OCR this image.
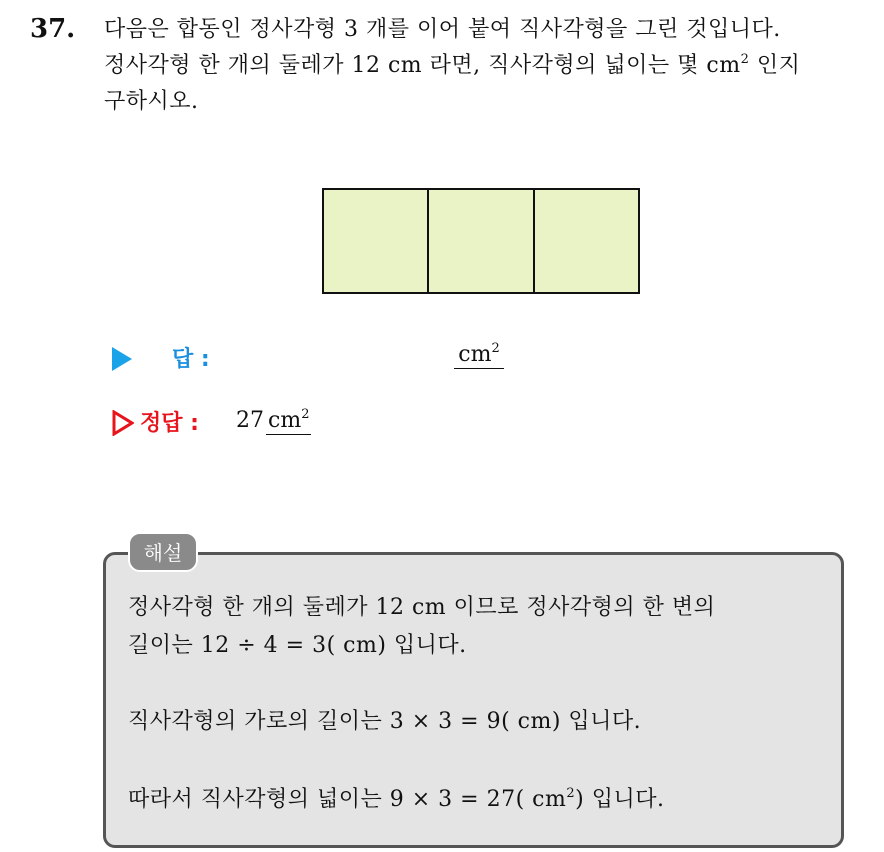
37. 다음은 합동인 정사각형 3 개를 이어 붙여 직사각형을 그린 것입니다.
정사각형 한 개의 둘레가 12 cm 라면, 직사각형의 넓이는 몇 $cm^2$ 인지
구하시오.
답 :	$cm^2$
정답 : 27 $cm^2$
해설
정사각형 한 개의 둘레가 12 cm 이므로 정사각형의 한 변의
길이는 12 ÷ 4 = 3( cm) 입니다.
직사각형의 가로의 길이는 3 × 3 = 9( cm) 입니다.
따라서 직사각형의 넓이는 9 × 3 = 27( $cm^2$) 입니다.
